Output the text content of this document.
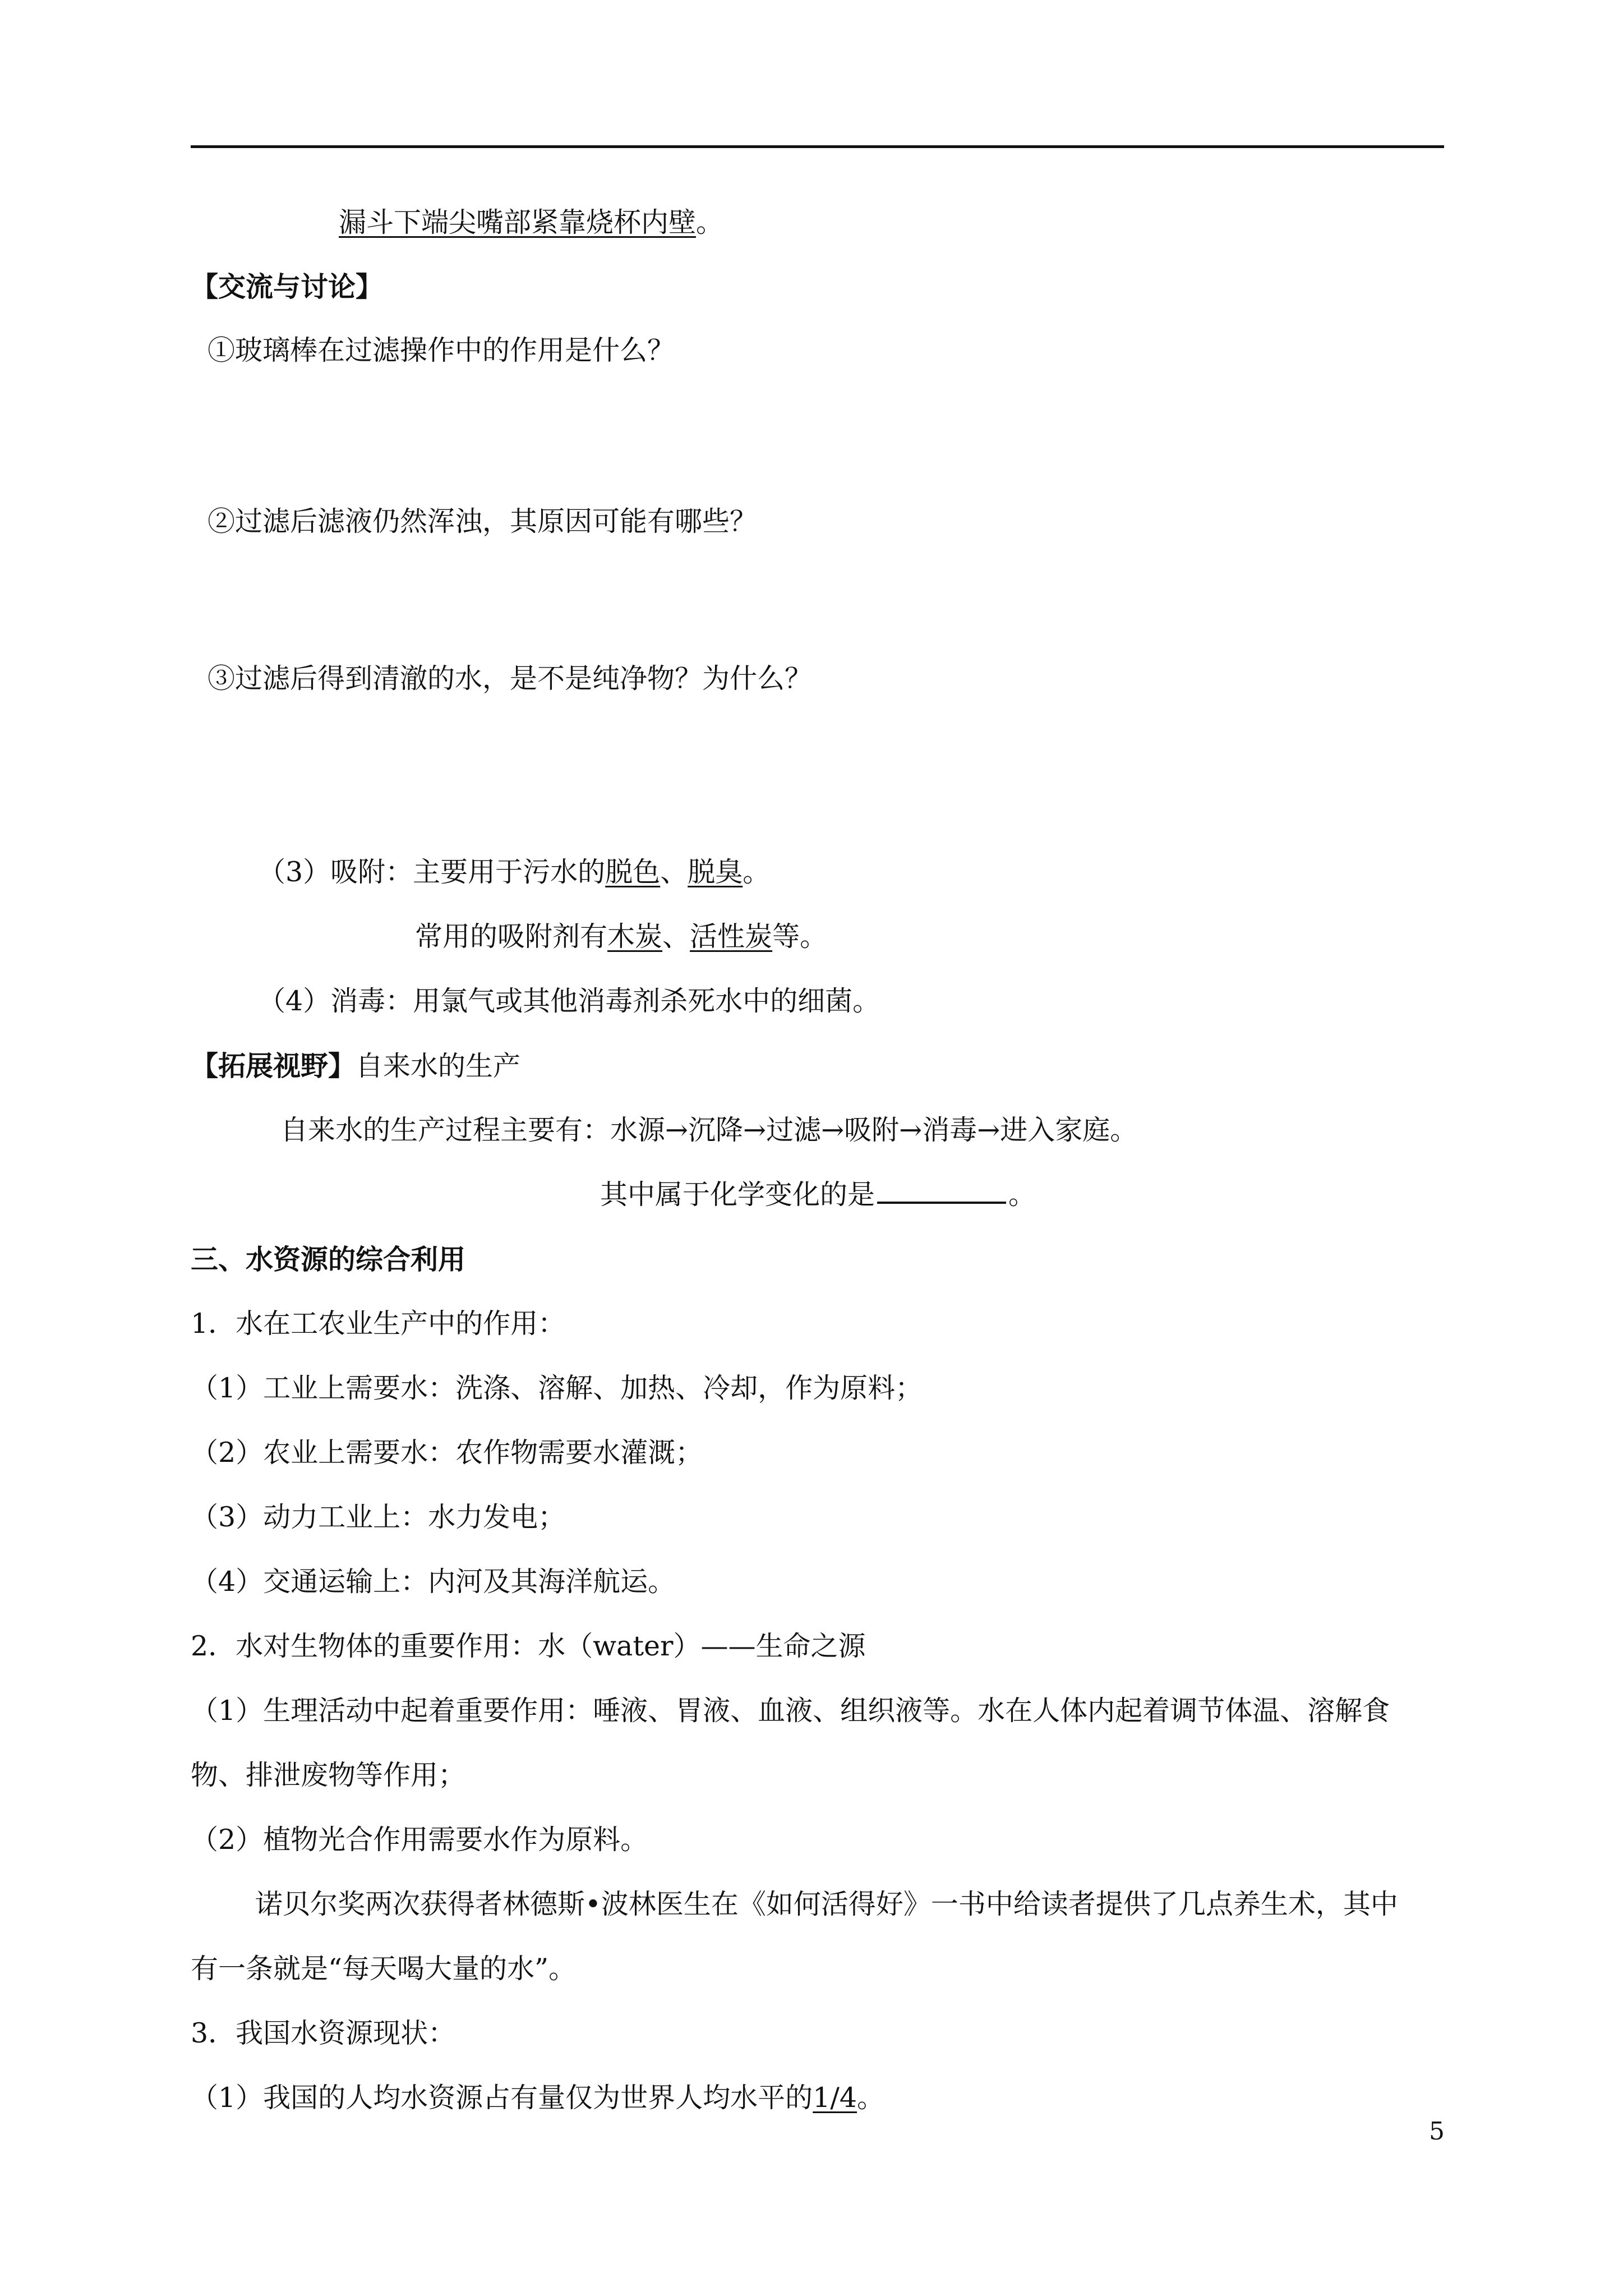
漏斗下端尖嘴部紧靠烧杯内壁。
【交流与讨论】
①玻璃棒在过滤操作中的作用是什么？
②过滤后滤液仍然浑浊，其原因可能有哪些？
③过滤后得到清澈的水，是不是纯净物？为什么？
（3）吸附：主要用于污水的脱色、脱臭。
常用的吸附剂有木炭、活性炭等。
（4）消毒：用氯气或其他消毒剂杀死水中的细菌。
【拓展视野】自来水的生产
自来水的生产过程主要有：水源→沉降→过滤→吸附→消毒→进入家庭。
其中属于化学变化的是	。
三、水资源的综合利用
1．水在工农业生产中的作用：
（1）工业上需要水：洗涤、溶解、加热、冷却，作为原料；
（2）农业上需要水：农作物需要水灌溉；
（3）动力工业上：水力发电；
（4）交通运输上：内河及其海洋航运。
2．水对生物体的重要作用：水（water）——生命之源
（1）生理活动中起着重要作用：唾液、胃液、血液、组织液等。水在人体内起着调节体温、溶解食
物、排泄废物等作用；
（2）植物光合作用需要水作为原料。
诺贝尔奖两次获得者林德斯•波林医生在《如何活得好》一书中给读者提供了几点养生术，其中
有一条就是“每天喝大量的水”。
3．我国水资源现状：
（1）我国的人均水资源占有量仅为世界人均水平的1/4。
5
